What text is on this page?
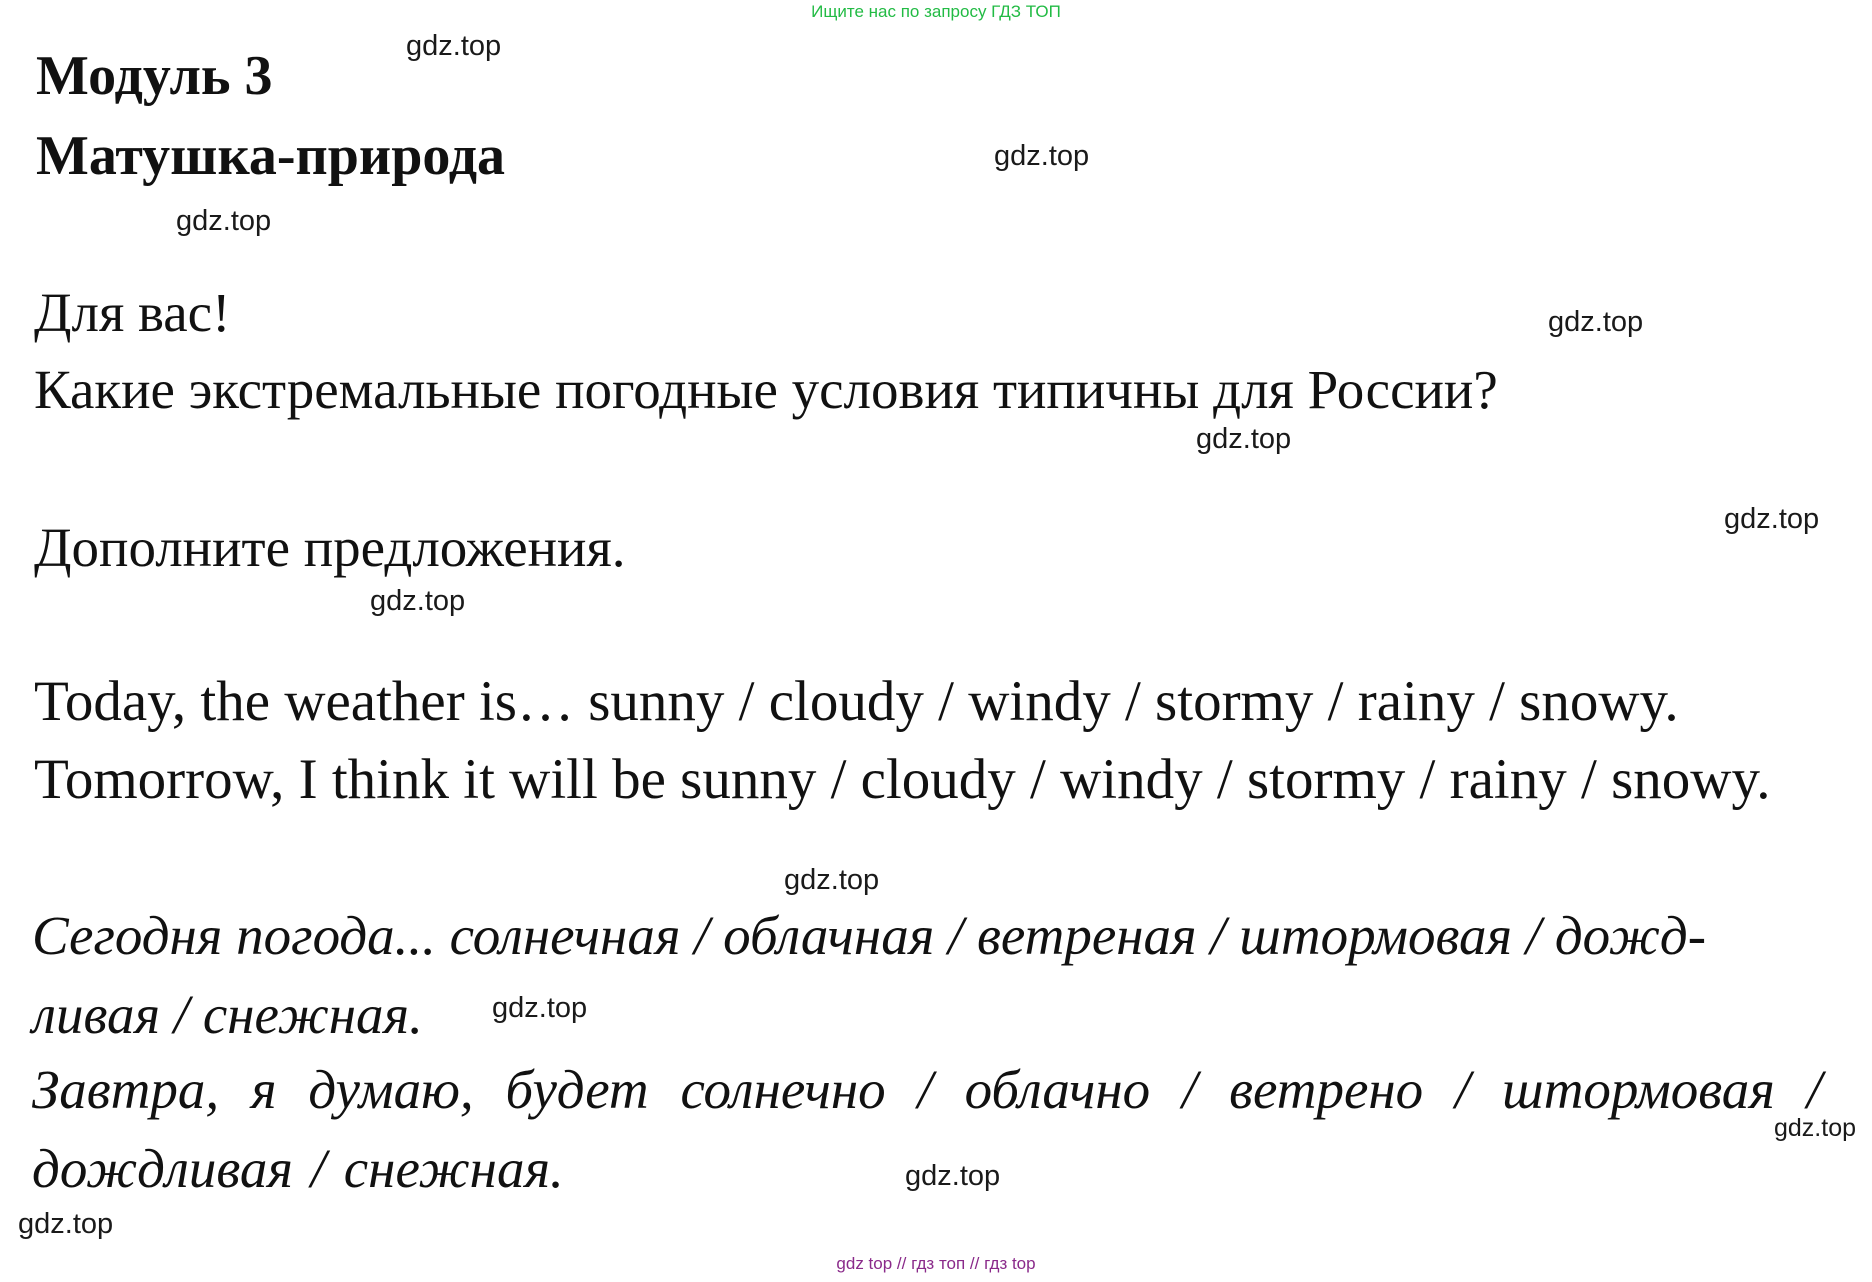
Ищите нас по запросу ГДЗ ТОП
Модуль 3
Матушка-природа
Для вас!
Какие экстремальные погодные условия типичны для России?
Дополните предложения.
Today, the weather is… sunny / cloudy / windy / stormy / rainy / snowy.
Tomorrow, I think it will be sunny / cloudy / windy / stormy / rainy / snowy.
Сегодня погода... солнечная / облачная / ветреная / штормовая / дожд-
ливая / снежная.
Завтра, я думаю, будет солнечно / облачно / ветрено / штормовая / дождливая / снежная.
gdz.top
gdz.top
gdz.top
gdz.top
gdz.top
gdz.top
gdz.top
gdz.top
gdz.top
gdz.top
gdz.top
gdz.top
gdz top // гдз топ // гдз top
